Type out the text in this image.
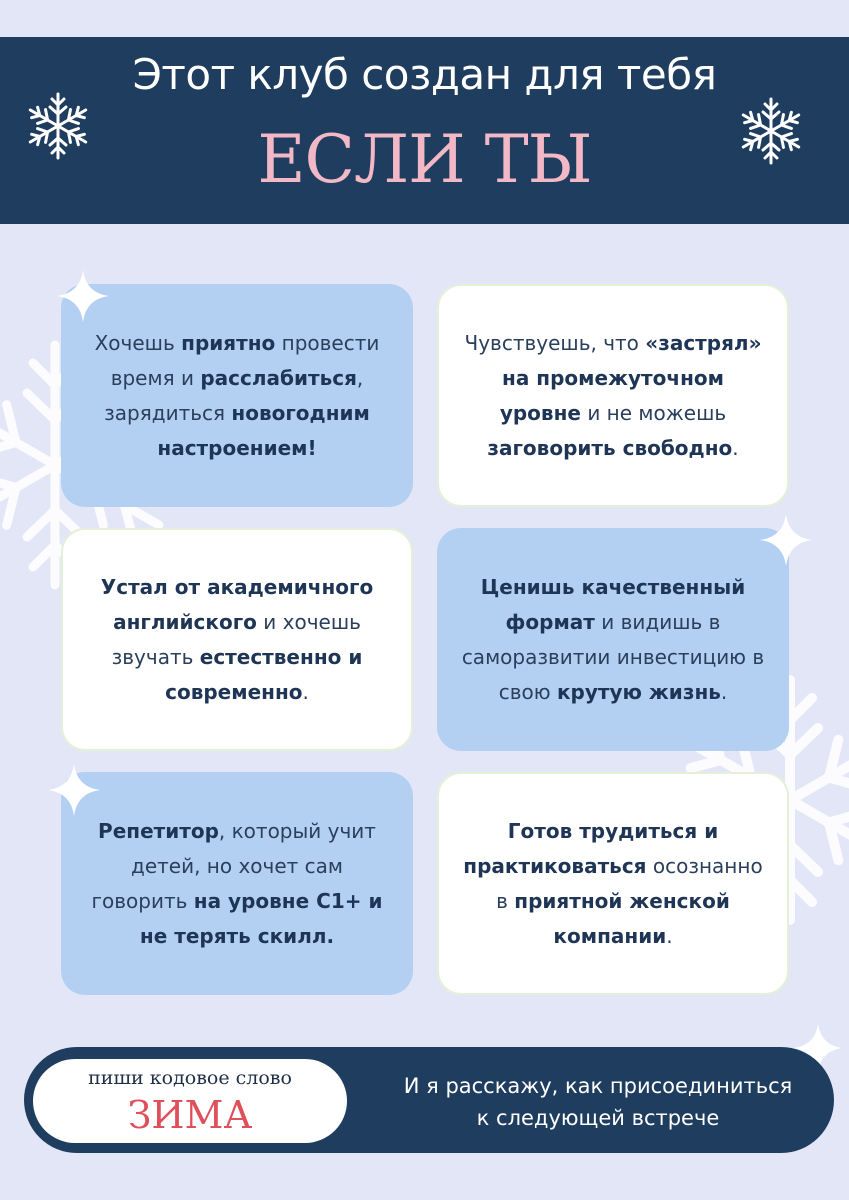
Этот клуб создан для тебя
ЕСЛИ ТЫ

Хочешь приятно провести время и расслабиться, зарядиться новогодним настроением!

Чувствуешь, что «застрял» на промежуточном уровне и не можешь заговорить свободно.

Устал от академичного английского и хочешь звучать естественно и современно.

Ценишь качественный формат и видишь в саморазвитии инвестицию в свою крутую жизнь.

Репетитор, который учит детей, но хочет сам говорить на уровне С1+ и не терять скилл.

Готов трудиться и практиковаться осознанно в приятной женской компании.

пиши кодовое слово
ЗИМА
И я расскажу, как присоединиться
к следующей встрече
